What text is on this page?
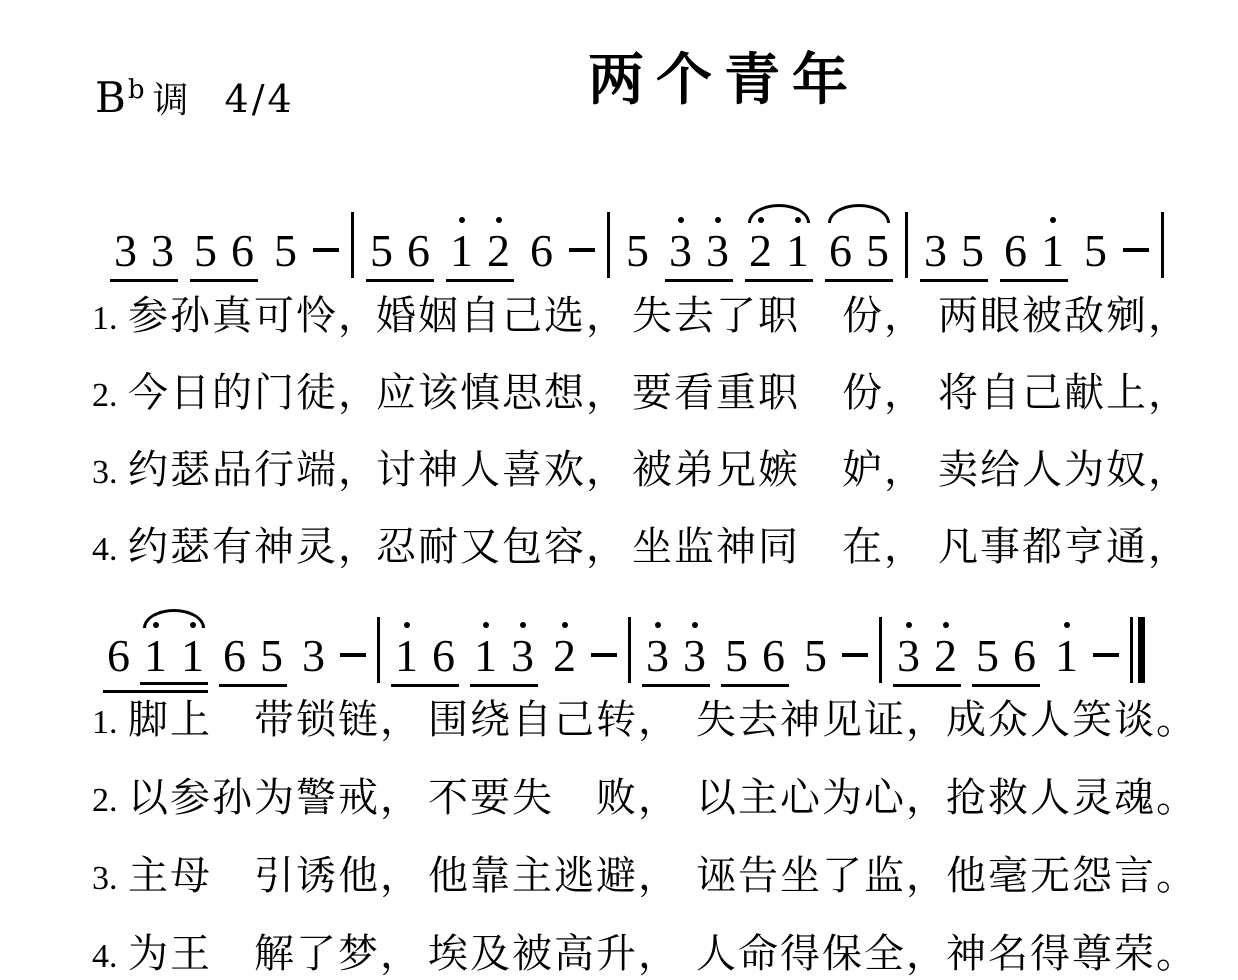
$B^b$ 调 4/4	两个青年
3 3 5 6 5 5 6 1 2 6 5 3 3 2 1 6 5 3 5 6 1 5
1. 参孙真可怜，
婚姻自己选， 失去了职　份， 两眼被敌剜，
2. 今日的门徒，
应该慎思想， 要看重职　份， 将自己献上，
3. 约瑟品行端，
讨神人喜欢， 被弟兄嫉　妒， 卖给人为奴，
4. 约瑟有神灵，
忍耐又包容， 坐监神同　在， 凡事都亨通，
6 1 1 6 5 3 1 6 1 3 2 3 3 5 6 5 3 2 5 6 1
1. 脚上　带锁链， 围绕自己转， 失去神见证，
成众人笑谈。
2. 以参孙为警戒， 不要失　败， 以主心为心，
抢救人灵魂。
3. 主母　引诱他， 他靠主逃避， 诬告坐了监，
他毫无怨言。
4. 为王　解了梦， 埃及被高升， 人命得保全，
神名得尊荣。
